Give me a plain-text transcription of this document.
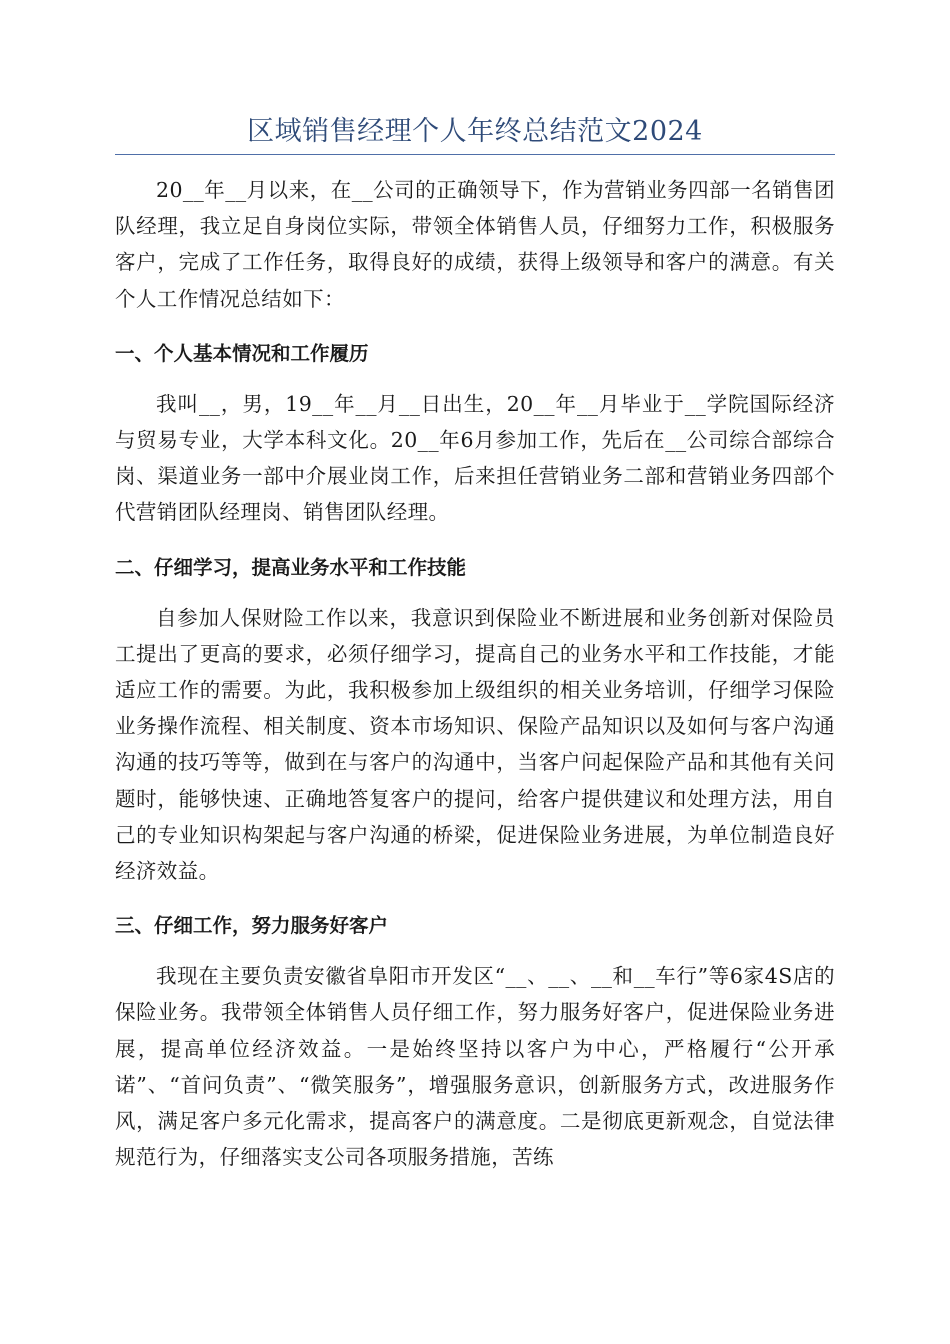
区域销售经理个人年终总结范文2024

20__年__月以来，在__公司的正确领导下，作为营销业务四部一名销售团队经理，我立足自身岗位实际，带领全体销售人员，仔细努力工作，积极服务客户，完成了工作任务，取得良好的成绩，获得上级领导和客户的满意。有关个人工作情况总结如下：

一、个人基本情况和工作履历

我叫__，男，19__年__月__日出生，20__年__月毕业于__学院国际经济与贸易专业，大学本科文化。20__年6月参加工作，先后在__公司综合部综合岗、渠道业务一部中介展业岗工作，后来担任营销业务二部和营销业务四部个代营销团队经理岗、销售团队经理。

二、仔细学习，提高业务水平和工作技能

自参加人保财险工作以来，我意识到保险业不断进展和业务创新对保险员工提出了更高的要求，必须仔细学习，提高自己的业务水平和工作技能，才能适应工作的需要。为此，我积极参加上级组织的相关业务培训，仔细学习保险业务操作流程、相关制度、资本市场知识、保险产品知识以及如何与客户沟通沟通的技巧等等，做到在与客户的沟通中，当客户问起保险产品和其他有关问题时，能够快速、正确地答复客户的提问，给客户提供建议和处理方法，用自己的专业知识构架起与客户沟通的桥梁，促进保险业务进展，为单位制造良好经济效益。

三、仔细工作，努力服务好客户

我现在主要负责安徽省阜阳市开发区“__、__、__和__车行”等6家4S店的保险业务。我带领全体销售人员仔细工作，努力服务好客户，促进保险业务进展，提高单位经济效益。一是始终坚持以客户为中心，严格履行“公开承诺”、“首问负责”、“微笑服务”，增强服务意识，创新服务方式，改进服务作风，满足客户多元化需求，提高客户的满意度。二是彻底更新观念，自觉法律规范行为，仔细落实支公司各项服务措施，苦练
